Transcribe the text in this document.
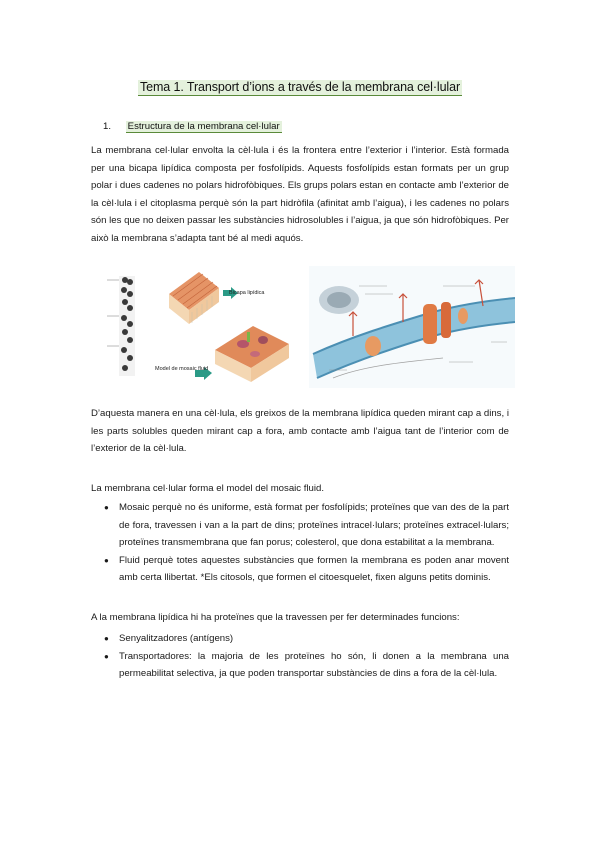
Tema 1. Transport d’ions a través de la membrana cel·lular
1. Estructura de la membrana cel·lular

La membrana cel·lular envolta la cèl·lula i és la frontera entre l’exterior i l’interior. Està formada per una bicapa lipídica composta per fosfolípids. Aquests fosfolípids estan formats per un grup polar i dues cadenes no polars hidrofòbiques. Els grups polars estan en contacte amb l’exterior de la cèl·lula i el citoplasma perquè són la part hidròfila (afinitat amb l’aigua), i les cadenes no polars són les que no deixen passar les substàncies hidrosolubles i l’aigua, ja que són hidrofòbiques. Per això la membrana s’adapta tant bé al medi aquós.

Bicapa lipídica
Model de mosaic fluid

D’aquesta manera en una cèl·lula, els greixos de la membrana lipídica queden mirant cap a dins, i les parts solubles queden mirant cap a fora, amb contacte amb l’aigua tant de l’interior com de l’exterior de la cèl·lula.

La membrana cel·lular forma el model del mosaic fluid.

● Mosaic perquè no és uniforme, està format per fosfolípids; proteïnes que van des de la part de fora, travessen i van a la part de dins; proteïnes intracel·lulars; proteïnes extracel·lulars; proteïnes transmembrana que fan porus; colesterol, que dona estabilitat a la membrana.
● Fluid perquè totes aquestes substàncies que formen la membrana es poden anar movent amb certa llibertat. *Els citosols, que formen el citoesquelet, fixen alguns petits dominis.

A la membrana lipídica hi ha proteïnes que la travessen per fer determinades funcions:

● Senyalitzadores (antígens)
● Transportadores: la majoria de les proteïnes ho són, li donen a la membrana una permeabilitat selectiva, ja que poden transportar substàncies de dins a fora de la cèl·lula.
